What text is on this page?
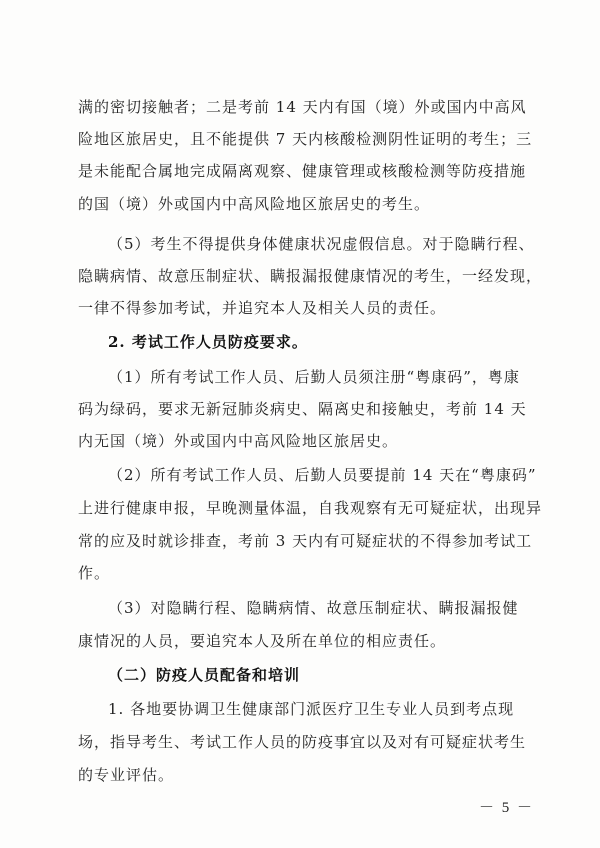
满的密切接触者；二是考前 14 天内有国（境）外或国内中高风
险地区旅居史，且不能提供 7 天内核酸检测阴性证明的考生；三
是未能配合属地完成隔离观察、健康管理或核酸检测等防疫措施
的国（境）外或国内中高风险地区旅居史的考生。
（5）考生不得提供身体健康状况虚假信息。对于隐瞒行程、
隐瞒病情、故意压制症状、瞒报漏报健康情况的考生，一经发现，
一律不得参加考试，并追究本人及相关人员的责任。
2. 考试工作人员防疫要求。
（1）所有考试工作人员、后勤人员须注册“粤康码”，粤康
码为绿码，要求无新冠肺炎病史、隔离史和接触史，考前 14 天
内无国（境）外或国内中高风险地区旅居史。
（2）所有考试工作人员、后勤人员要提前 14 天在“粤康码”
上进行健康申报，早晚测量体温，自我观察有无可疑症状，出现异
常的应及时就诊排查，考前 3 天内有可疑症状的不得参加考试工
作。
（3）对隐瞒行程、隐瞒病情、故意压制症状、瞒报漏报健
康情况的人员，要追究本人及所在单位的相应责任。
（二）防疫人员配备和培训
1. 各地要协调卫生健康部门派医疗卫生专业人员到考点现
场，指导考生、考试工作人员的防疫事宜以及对有可疑症状考生
的专业评估。
－ 5 －
